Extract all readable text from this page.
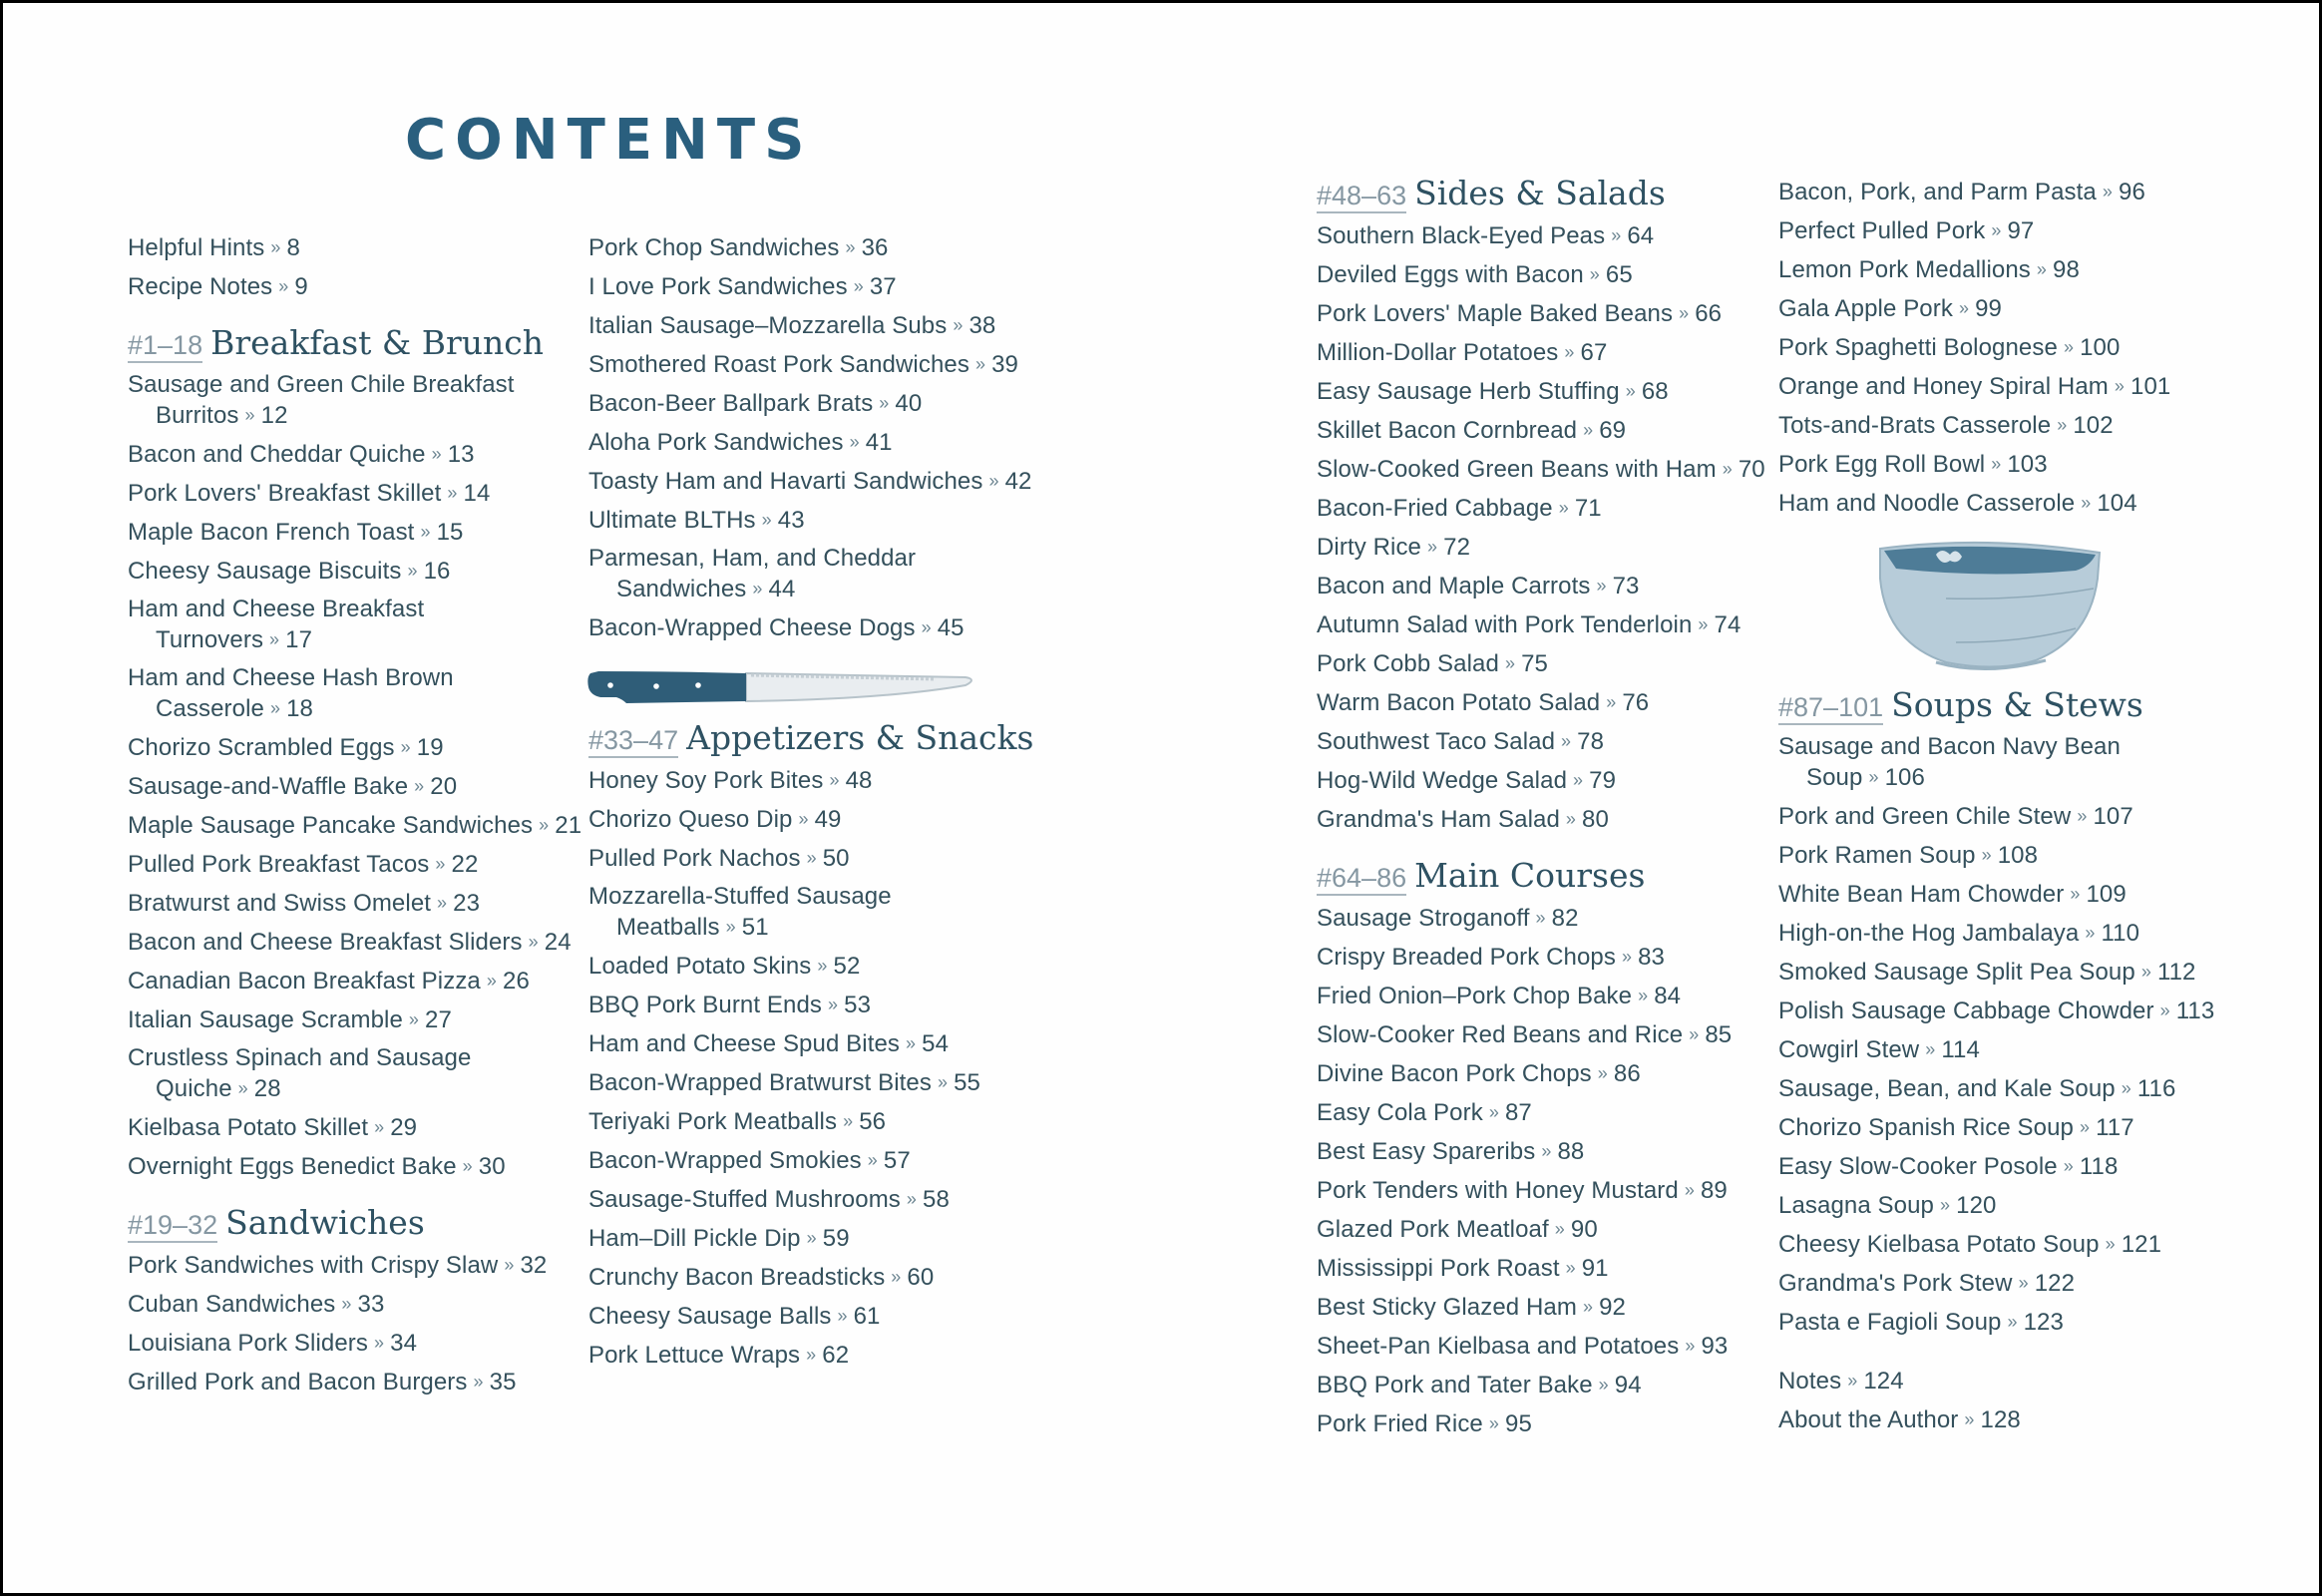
CONTENTS
Helpful Hints » 8
Recipe Notes » 9
#1–18 Breakfast & Brunch
Sausage and Green Chile Breakfast Burritos » 12
Bacon and Cheddar Quiche » 13
Pork Lovers' Breakfast Skillet » 14
Maple Bacon French Toast » 15
Cheesy Sausage Biscuits » 16
Ham and Cheese Breakfast Turnovers » 17
Ham and Cheese Hash Brown Casserole » 18
Chorizo Scrambled Eggs » 19
Sausage-and-Waffle Bake » 20
Maple Sausage Pancake Sandwiches » 21
Pulled Pork Breakfast Tacos » 22
Bratwurst and Swiss Omelet » 23
Bacon and Cheese Breakfast Sliders » 24
Canadian Bacon Breakfast Pizza » 26
Italian Sausage Scramble » 27
Crustless Spinach and Sausage Quiche » 28
Kielbasa Potato Skillet » 29
Overnight Eggs Benedict Bake » 30
#19–32 Sandwiches
Pork Sandwiches with Crispy Slaw » 32
Cuban Sandwiches » 33
Louisiana Pork Sliders » 34
Grilled Pork and Bacon Burgers » 35
Pork Chop Sandwiches » 36
I Love Pork Sandwiches » 37
Italian Sausage–Mozzarella Subs » 38
Smothered Roast Pork Sandwiches » 39
Bacon-Beer Ballpark Brats » 40
Aloha Pork Sandwiches » 41
Toasty Ham and Havarti Sandwiches » 42
Ultimate BLTHs » 43
Parmesan, Ham, and Cheddar Sandwiches » 44
Bacon-Wrapped Cheese Dogs » 45
#33–47 Appetizers & Snacks
Honey Soy Pork Bites » 48
Chorizo Queso Dip » 49
Pulled Pork Nachos » 50
Mozzarella-Stuffed Sausage Meatballs » 51
Loaded Potato Skins » 52
BBQ Pork Burnt Ends » 53
Ham and Cheese Spud Bites » 54
Bacon-Wrapped Bratwurst Bites » 55
Teriyaki Pork Meatballs » 56
Bacon-Wrapped Smokies » 57
Sausage-Stuffed Mushrooms » 58
Ham–Dill Pickle Dip » 59
Crunchy Bacon Breadsticks » 60
Cheesy Sausage Balls » 61
Pork Lettuce Wraps » 62
#48–63 Sides & Salads
Southern Black-Eyed Peas » 64
Deviled Eggs with Bacon » 65
Pork Lovers' Maple Baked Beans » 66
Million-Dollar Potatoes » 67
Easy Sausage Herb Stuffing » 68
Skillet Bacon Cornbread » 69
Slow-Cooked Green Beans with Ham » 70
Bacon-Fried Cabbage » 71
Dirty Rice » 72
Bacon and Maple Carrots » 73
Autumn Salad with Pork Tenderloin » 74
Pork Cobb Salad » 75
Warm Bacon Potato Salad » 76
Southwest Taco Salad » 78
Hog-Wild Wedge Salad » 79
Grandma's Ham Salad » 80
#64–86 Main Courses
Sausage Stroganoff » 82
Crispy Breaded Pork Chops » 83
Fried Onion–Pork Chop Bake » 84
Slow-Cooker Red Beans and Rice » 85
Divine Bacon Pork Chops » 86
Easy Cola Pork » 87
Best Easy Spareribs » 88
Pork Tenders with Honey Mustard » 89
Glazed Pork Meatloaf » 90
Mississippi Pork Roast » 91
Best Sticky Glazed Ham » 92
Sheet-Pan Kielbasa and Potatoes » 93
BBQ Pork and Tater Bake » 94
Pork Fried Rice » 95
Bacon, Pork, and Parm Pasta » 96
Perfect Pulled Pork » 97
Lemon Pork Medallions » 98
Gala Apple Pork » 99
Pork Spaghetti Bolognese » 100
Orange and Honey Spiral Ham » 101
Tots-and-Brats Casserole » 102
Pork Egg Roll Bowl » 103
Ham and Noodle Casserole » 104
#87–101 Soups & Stews
Sausage and Bacon Navy Bean Soup » 106
Pork and Green Chile Stew » 107
Pork Ramen Soup » 108
White Bean Ham Chowder » 109
High-on-the Hog Jambalaya » 110
Smoked Sausage Split Pea Soup » 112
Polish Sausage Cabbage Chowder » 113
Cowgirl Stew » 114
Sausage, Bean, and Kale Soup » 116
Chorizo Spanish Rice Soup » 117
Easy Slow-Cooker Posole » 118
Lasagna Soup » 120
Cheesy Kielbasa Potato Soup » 121
Grandma's Pork Stew » 122
Pasta e Fagioli Soup » 123
Notes » 124
About the Author » 128
